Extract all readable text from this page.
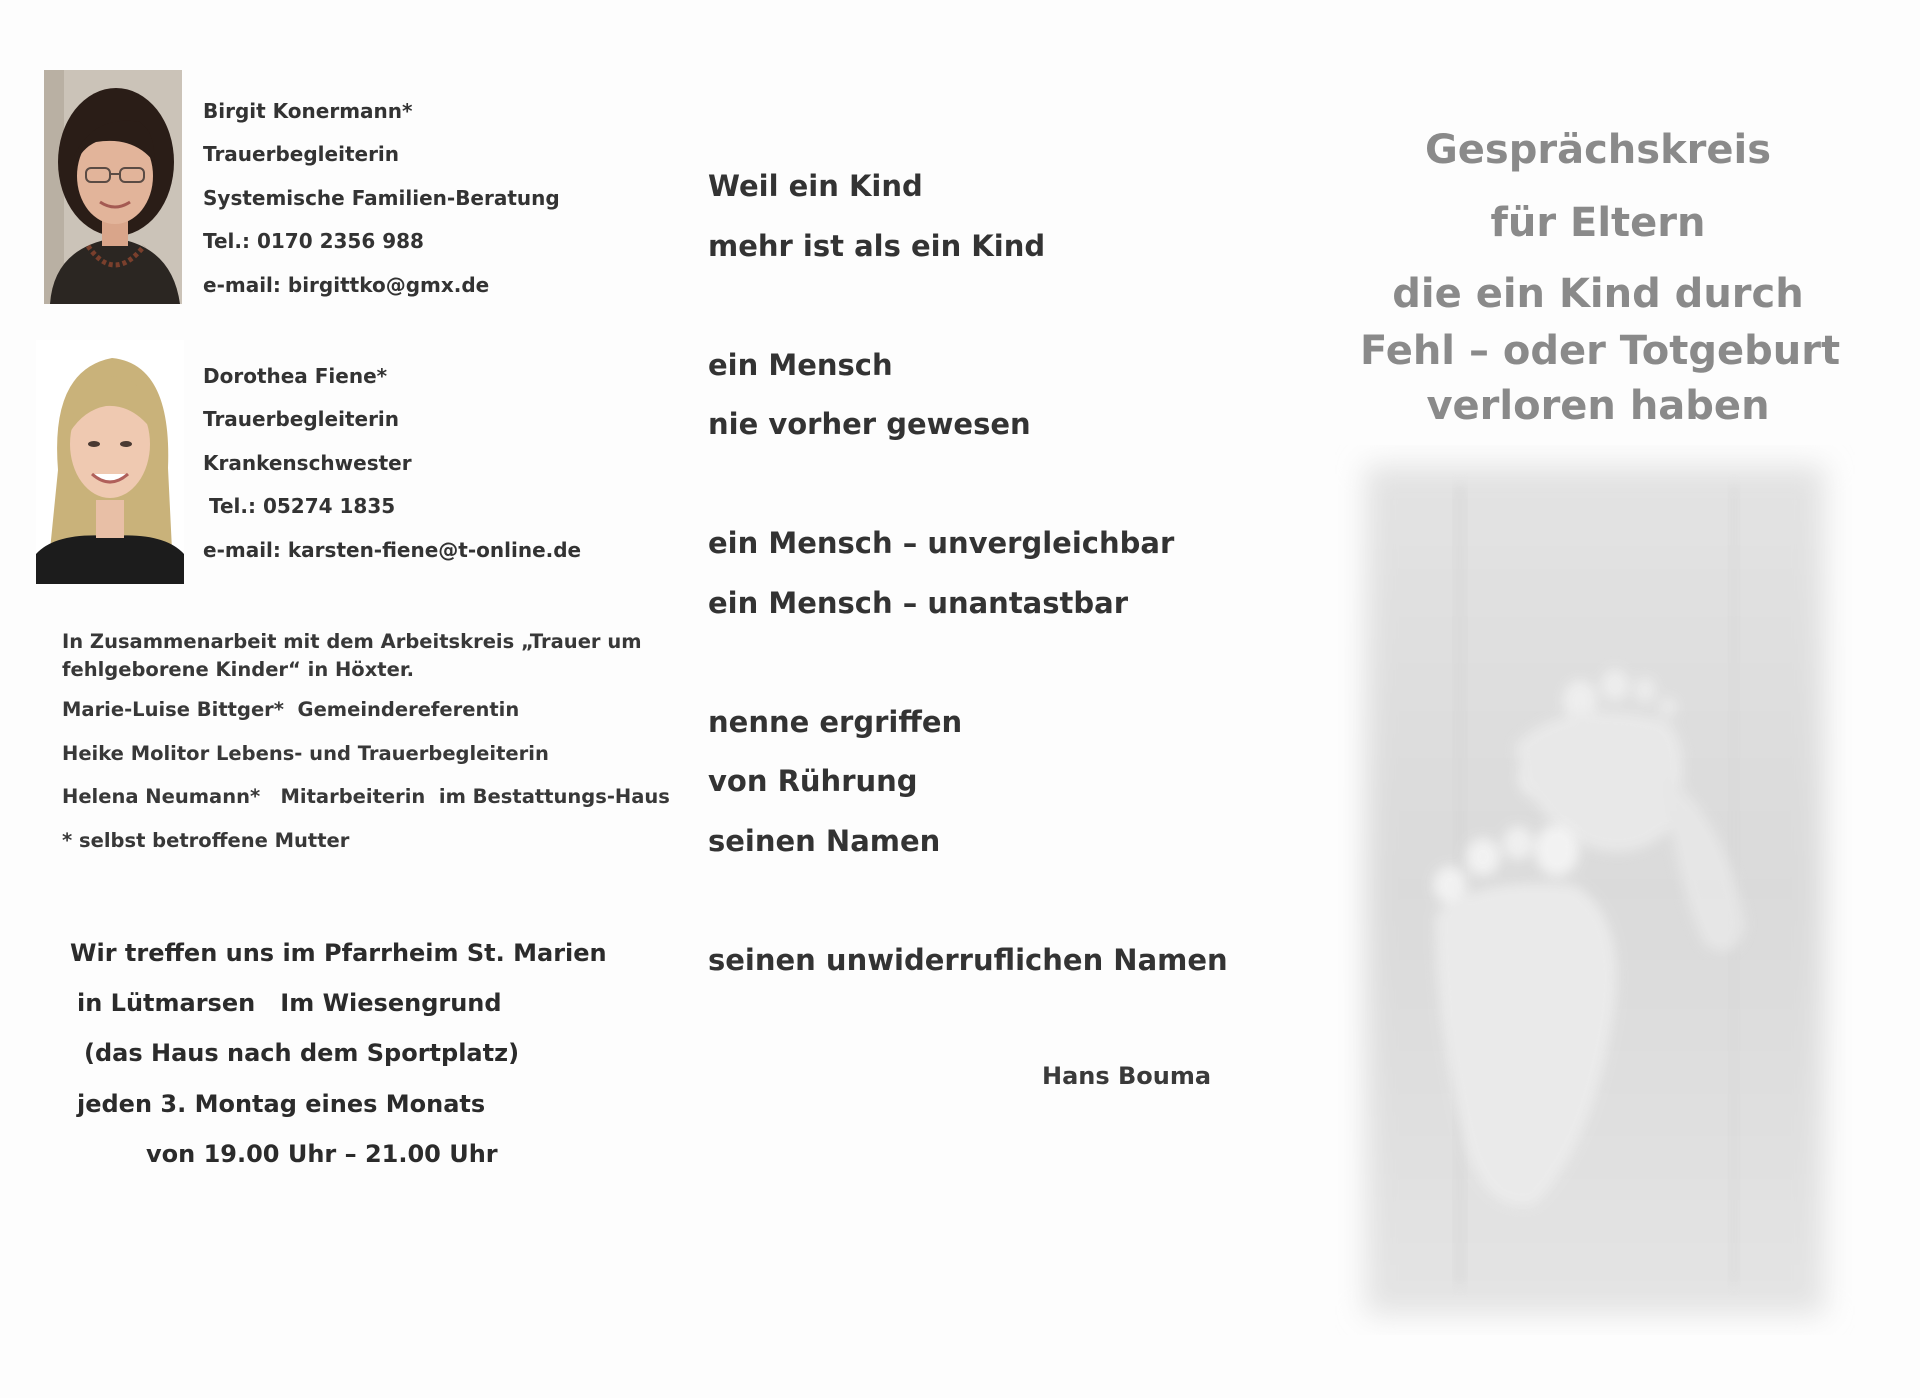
Birgit Konermann*
Trauerbegleiterin
Systemische Familien-Beratung
Tel.: 0170 2356 988
e-mail: birgittko@gmx.de
Dorothea Fiene*
Trauerbegleiterin
Krankenschwester
Tel.: 05274 1835
e-mail: karsten-fiene@t-online.de
In Zusammenarbeit mit dem Arbeitskreis „Trauer um
fehlgeborene Kinder“ in Höxter.
Marie-Luise Bittger*  Gemeindereferentin
Heike Molitor Lebens- und Trauerbegleiterin
Helena Neumann*   Mitarbeiterin  im Bestattungs-Haus
* selbst betroffene Mutter
Wir treffen uns im Pfarrheim St. Marien
in Lütmarsen   Im Wiesengrund
(das Haus nach dem Sportplatz)
jeden 3. Montag eines Monats
von 19.00 Uhr – 21.00 Uhr
Weil ein Kind
mehr ist als ein Kind
ein Mensch
nie vorher gewesen
ein Mensch – unvergleichbar
ein Mensch – unantastbar
nenne ergriffen
von Rührung
seinen Namen
seinen unwiderruflichen Namen
Hans Bouma
Gesprächskreis
für Eltern
die ein Kind durch
Fehl – oder Totgeburt
verloren haben
